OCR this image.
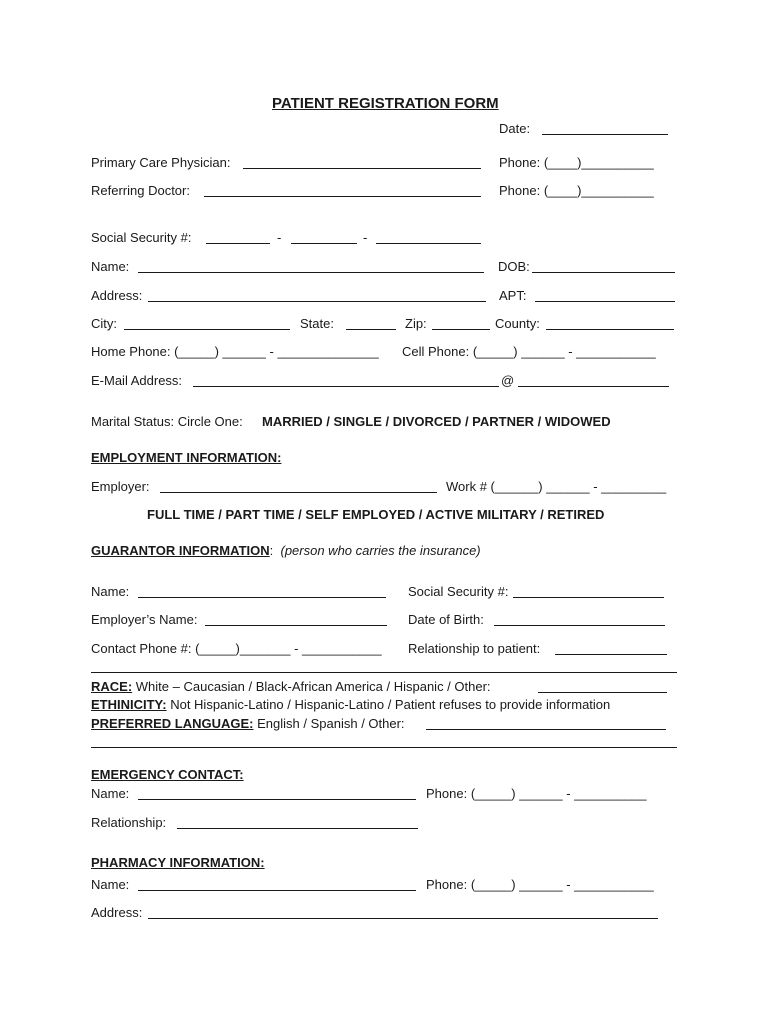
PATIENT REGISTRATION FORM
Date:
Primary Care Physician:	Phone: (____)__________
Referring Doctor:	Phone: (____)__________
Social Security #:	-	-
Name:	DOB:
Address:	APT:
City:	State:	Zip:	County:
Home Phone: (_____) ______ - ______________ Cell Phone: (_____) ______ - ___________
E-Mail Address:	@
Marital Status: Circle One: MARRIED / SINGLE / DIVORCED / PARTNER / WIDOWED
EMPLOYMENT INFORMATION:
Employer:	Work # (______) ______ - _________
FULL TIME / PART TIME / SELF EMPLOYED / ACTIVE MILITARY / RETIRED
GUARANTOR INFORMATION: (person who carries the insurance)
Name:	Social Security #:
Employer’s Name:	Date of Birth:
Contact Phone #: (_____)_______ - ___________ Relationship to patient:
RACE: White – Caucasian / Black-African America / Hispanic / Other:
ETHINICITY: Not Hispanic-Latino / Hispanic-Latino / Patient refuses to provide information
PREFERRED LANGUAGE: English / Spanish / Other:
EMERGENCY CONTACT:
Name:	Phone: (_____) ______ - __________
Relationship:
PHARMACY INFORMATION:
Name:	Phone: (_____) ______ - ___________
Address:
